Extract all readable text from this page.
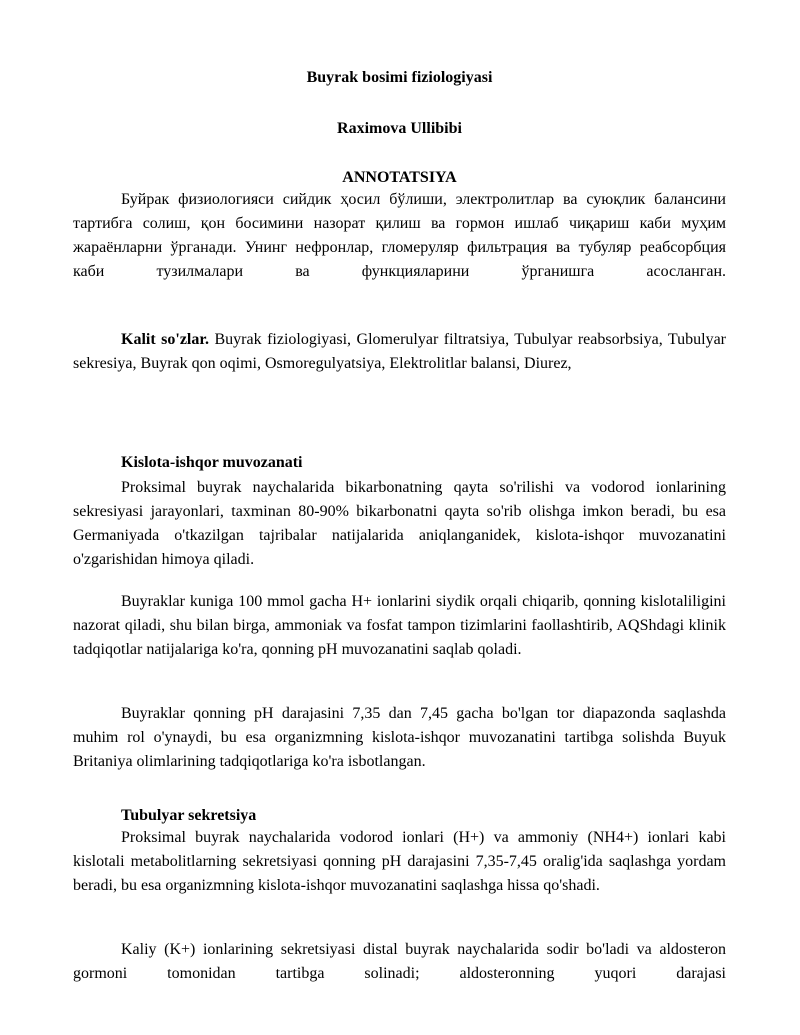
Buyrak bosimi fiziologiyasi
Raximova Ullibibi
ANNOTATSIYA

Буйрак физиологияси сийдик ҳосил бўлиши, электролитлар ва суюқлик балансини тартибга солиш, қон босимини назорат қилиш ва гормон ишлаб чиқариш каби муҳим жараёнларни ўрганади. Унинг нефронлар, гломеруляр фильтрация ва тубуляр реабсорбция каби тузилмалари ва функцияларини ўрганишга асосланган.

Kalit so'zlar. Buyrak fiziologiyasi, Glomerulyar filtratsiya, Tubulyar reabsorbsiya, Tubulyar sekresiya, Buyrak qon oqimi, Osmoregulyatsiya, Elektrolitlar balansi, Diurez,

Kislota-ishqor muvozanati

Proksimal buyrak naychalarida bikarbonatning qayta so'rilishi va vodorod ionlarining sekresiyasi jarayonlari, taxminan 80-90% bikarbonatni qayta so'rib olishga imkon beradi, bu esa Germaniyada o'tkazilgan tajribalar natijalarida aniqlanganidek, kislota-ishqor muvozanatini o'zgarishidan himoya qiladi.

Buyraklar kuniga 100 mmol gacha H+ ionlarini siydik orqali chiqarib, qonning kislotaliligini nazorat qiladi, shu bilan birga, ammoniak va fosfat tampon tizimlarini faollashtirib, AQShdagi klinik tadqiqotlar natijalariga ko'ra, qonning pH muvozanatini saqlab qoladi.

Buyraklar qonning pH darajasini 7,35 dan 7,45 gacha bo'lgan tor diapazonda saqlashda muhim rol o'ynaydi, bu esa organizmning kislota-ishqor muvozanatini tartibga solishda Buyuk Britaniya olimlarining tadqiqotlariga ko'ra isbotlangan.

Tubulyar sekretsiya

Proksimal buyrak naychalarida vodorod ionlari (H+) va ammoniy (NH4+) ionlari kabi kislotali metabolitlarning sekretsiyasi qonning pH darajasini 7,35-7,45 oralig'ida saqlashga yordam beradi, bu esa organizmning kislota-ishqor muvozanatini saqlashga hissa qo'shadi.

Kaliy (K+) ionlarining sekretsiyasi distal buyrak naychalarida sodir bo'ladi va aldosteron gormoni tomonidan tartibga solinadi; aldosteronning yuqori darajasi
